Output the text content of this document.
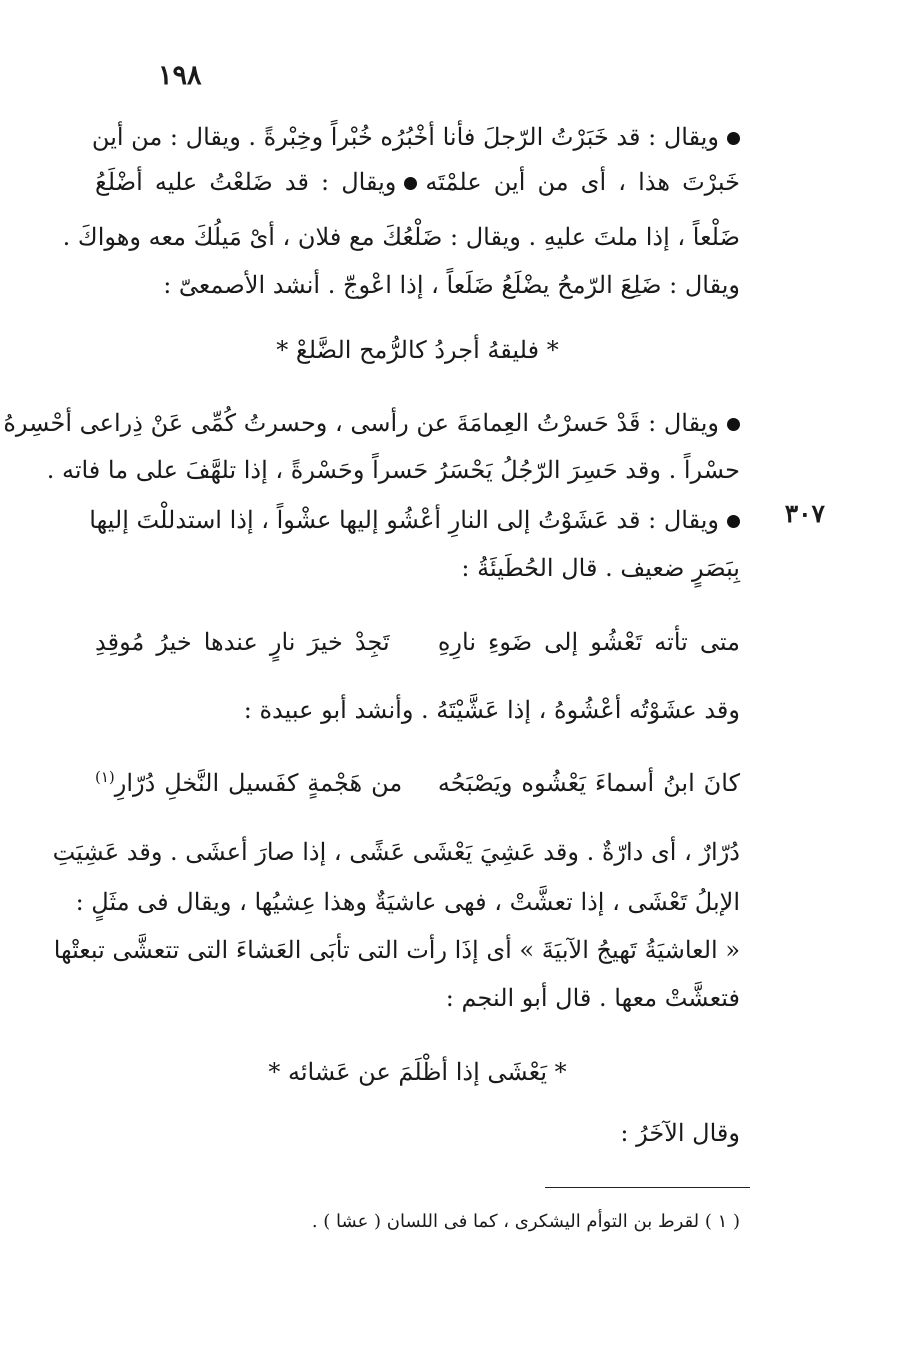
١٩٨
ويقال : قد خَبَرْتُ الرّجلَ فأنا أخْبُرُه خُبْراً وخِبْرةً . ويقال : من أين
خَبرْتَ هذا ، أى من أين علمْتَهويقال : قد ضَلعْتُ عليه أضْلَعُ
ضَلْعاً ، إذا ملتَ عليهِ . ويقال : ضَلْعُكَ مع فلان ، أىْ مَيلُكَ معه وهواكَ .
ويقال : ضَلِعَ الرّمحُ يضْلَعُ ضَلَعاً ، إذا اعْوجّ . أنشد الأصمعىّ :
* فليقهُ أجردُ كالرُّمح الضَّلعْ *
ويقال : قَدْ حَسرْتُ العِمامَةَ عن رأسى ، وحسرتُ كُمِّى عَنْ ذِراعى أحْسِرهُ
حسْراً . وقد حَسِرَ الرّجُلُ يَحْسَرُ حَسراً وحَسْرةً ، إذا تلهَّفَ على ما فاته .
٣٠٧
ويقال : قد عَشَوْتُ إلى النارِ أعْشُو إليها عشْواً ، إذا استدللْتَ إليها
بِبَصَرٍ ضعيف . قال الحُطَيئَةُ :
متى تأته تَعْشُو إلى ضَوءِ نارِهِ    تَجِدْ خيرَ نارٍ عندها خيرُ مُوقِدِ
وقد عشَوْتُه أعْشُوهُ ، إذا عَشَّيْتَهُ . وأنشد أبو عبيدة :
كانَ ابنُ أسماءَ يَعْشُوه ويَصْبَحُه    من هَجْمةٍ كفَسيل النَّخلِ دُرّارِ$^{(١)}$
دُرّارٌ ، أى دارّةٌ . وقد عَشِيَ يَعْشَى عَشًى ، إذا صارَ أعشَى . وقد عَشِيَتِ
الإبلُ تَعْشَى ، إذا تعشَّتْ ، فهى عاشيَةٌ وهذا عِشيُها ، ويقال فى مثَلٍ :
« العاشيَةُ تَهيجُ الآبيَةَ » أى إذَا رأت التى تأبَى العَشاءَ التى تتعشَّى تبعتْها
فتعشَّتْ معها . قال أبو النجم :
* يَعْشَى إذا أظْلَمَ عن عَشائه *
وقال الآخَرُ :
( ١ ) لقرط بن التوأم اليشكرى ، كما فى اللسان ( عشا ) .
